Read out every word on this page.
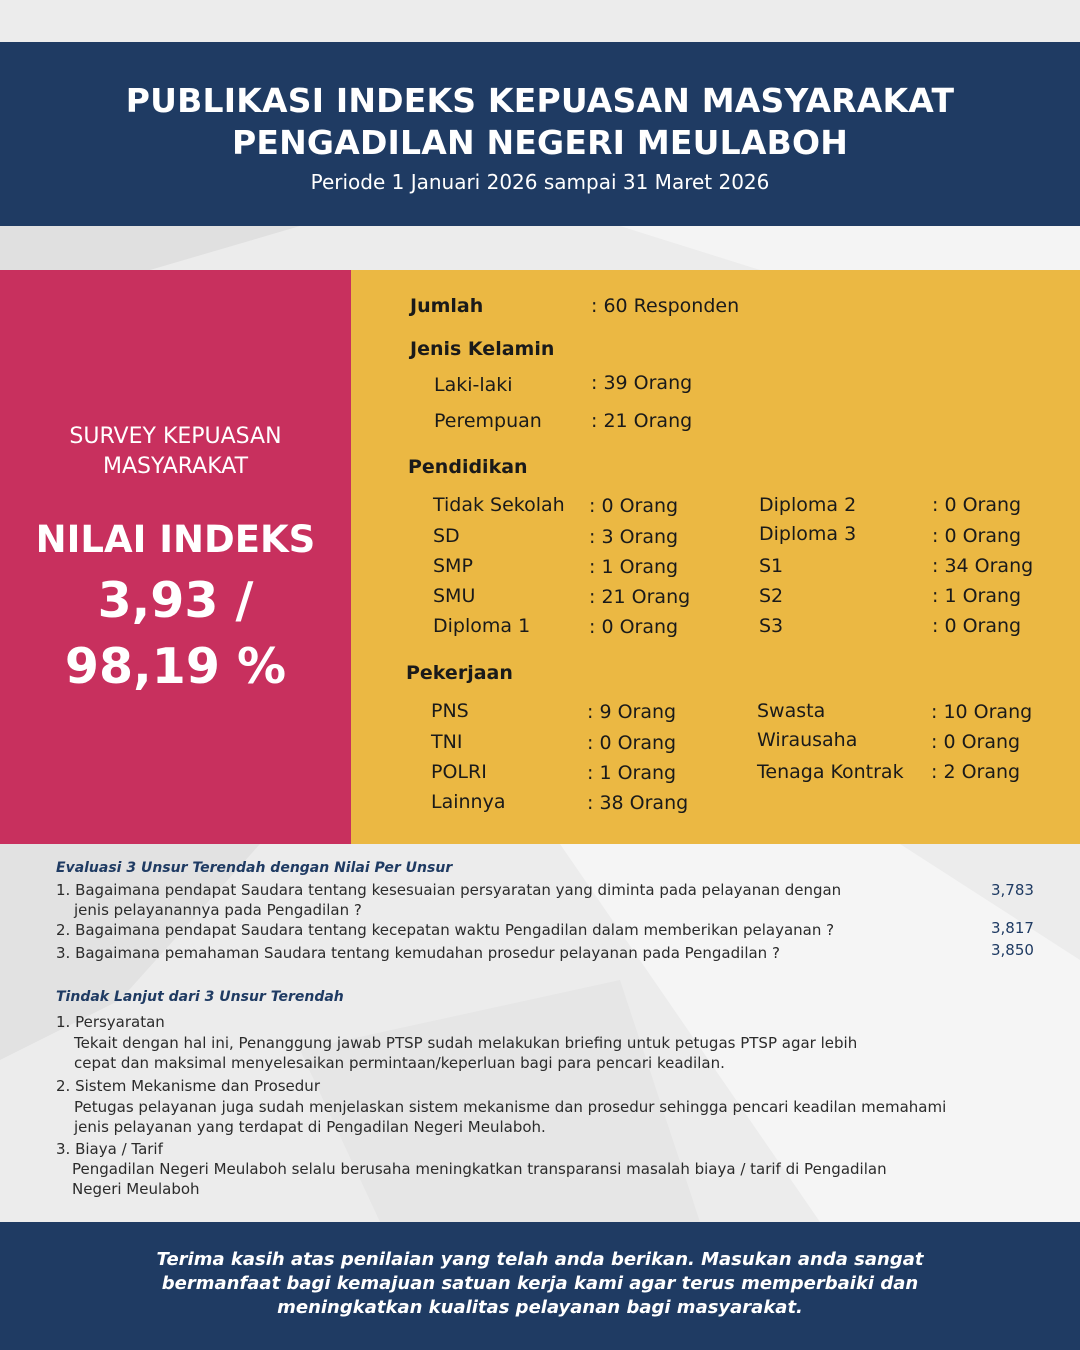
PUBLIKASI INDEKS KEPUASAN MASYARAKAT
PENGADILAN NEGERI MEULABOH
Periode 1 Januari 2026 sampai 31 Maret 2026
SURVEY KEPUASAN
MASYARAKAT
NILAI INDEKS
3,93 /
98,19 %
Jumlah	: 60 Responden
Jenis Kelamin
Laki-laki	: 39 Orang
Perempuan	: 21 Orang
Pendidikan
Tidak Sekolah : 0 Orang
SD	: 3 Orang
SMP	: 1 Orang
SMU	: 21 Orang
Diploma 1	: 0 Orang
Diploma 2	: 0 Orang
Diploma 3	: 0 Orang
S1	: 34 Orang
S2	: 1 Orang
S3	: 0 Orang
Pekerjaan
PNS	: 9 Orang
TNI	: 0 Orang
POLRI	: 1 Orang
Lainnya	: 38 Orang
Swasta	: 10 Orang
Wirausaha	: 0 Orang
Tenaga Kontrak : 2 Orang
Evaluasi 3 Unsur Terendah dengan Nilai Per Unsur
1. Bagaimana pendapat Saudara tentang kesesuaian persyaratan yang diminta pada pelayanan dengan
jenis pelayanannya pada Pengadilan ?
3,783
2. Bagaimana pendapat Saudara tentang kecepatan waktu Pengadilan dalam memberikan pelayanan ?	3,817
3. Bagaimana pemahaman Saudara tentang kemudahan prosedur pelayanan pada Pengadilan ?	3,850
Tindak Lanjut dari 3 Unsur Terendah
1. Persyaratan
Tekait dengan hal ini, Penanggung jawab PTSP sudah melakukan briefing untuk petugas PTSP agar lebih
cepat dan maksimal menyelesaikan permintaan/keperluan bagi para pencari keadilan.
2. Sistem Mekanisme dan Prosedur
Petugas pelayanan juga sudah menjelaskan sistem mekanisme dan prosedur sehingga pencari keadilan memahami
jenis pelayanan yang terdapat di Pengadilan Negeri Meulaboh.
3. Biaya / Tarif
Pengadilan Negeri Meulaboh selalu berusaha meningkatkan transparansi masalah biaya / tarif di Pengadilan
Negeri Meulaboh
Terima kasih atas penilaian yang telah anda berikan. Masukan anda sangat
bermanfaat bagi kemajuan satuan kerja kami agar terus memperbaiki dan
meningkatkan kualitas pelayanan bagi masyarakat.
